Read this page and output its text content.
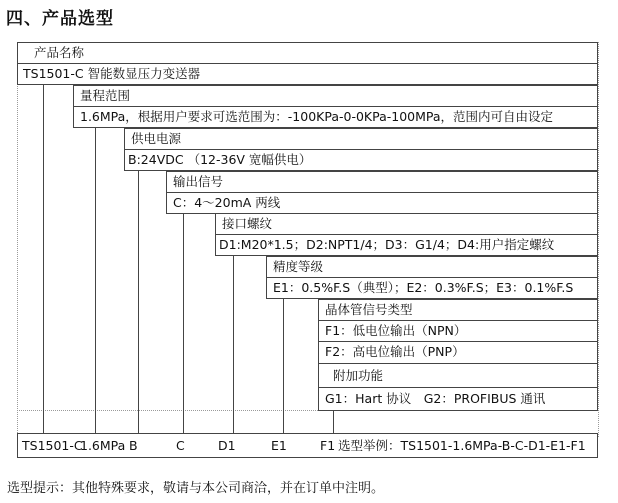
四、产品选型
产品名称
TS1501-C 智能数显压力变送器
量程范围
1.6MPa，根据用户要求可选范围为：-100KPa-0-0KPa-100MPa，范围内可自由设定
供电电源
B:24VDC （12-36V 宽幅供电）
输出信号
C：4～20mA 两线
接口螺纹
D1:M20*1.5；D2:NPT1/4；D3：G1/4；D4:用户指定螺纹
精度等级
E1：0.5%F.S（典型）；E2：0.3%F.S；E3：0.1%F.S
晶体管信号类型
F1：低电位输出（NPN）
F2：高电位输出（PNP）
附加功能
G1：Hart 协议　G2：PROFIBUS 通讯
TS1501-C
1.6MPa B	C	D1	E1	F1 选型举例：TS1501-1.6MPa-B-C-D1-E1-F1
选型提示：其他特殊要求，敬请与本公司商洽，并在订单中注明。
